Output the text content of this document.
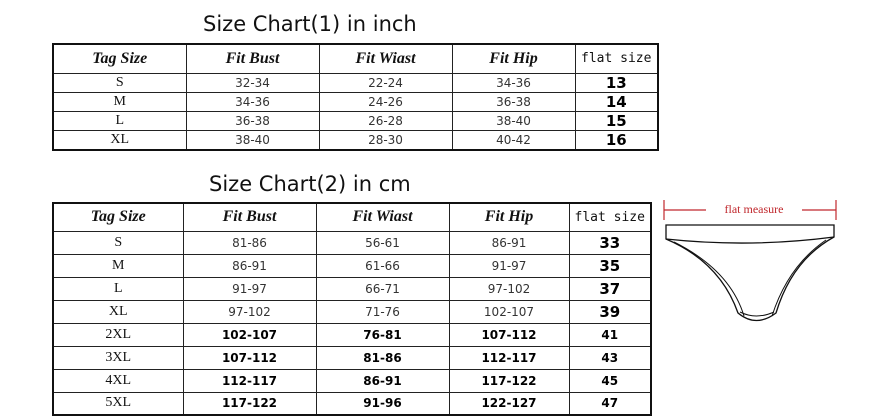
Size Chart(1) in inch
Tag Size	Fit Bust	Fit Wiast	Fit Hip	flat size
S	32-34	22-24	34-36	13
M	34-36	24-26	36-38	14
L	36-38	26-28	38-40	15
XL	38-40	28-30	40-42	16
Size Chart(2) in cm
Tag Size	Fit Bust	Fit Wiast	Fit Hip	flat size
S	81-86	56-61	86-91	33
M	86-91	61-66	91-97	35
L	91-97	66-71	97-102	37
XL	97-102	71-76	102-107	39
2XL	102-107	76-81	107-112	41
3XL	107-112	81-86	112-117	43
4XL	112-117	86-91	117-122	45
5XL	117-122	91-96	122-127	47
flat measure
